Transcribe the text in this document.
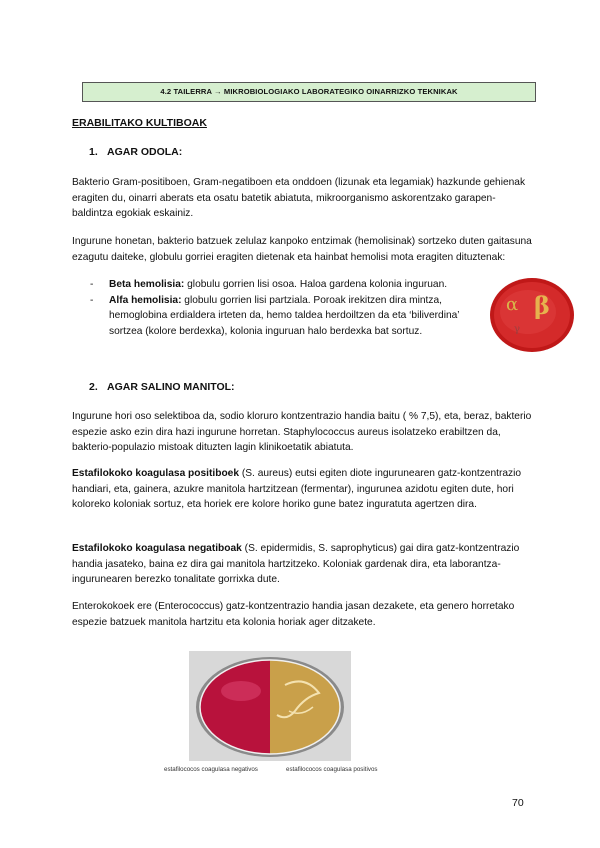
4.2 TAILERRA → MIKROBIOLOGIAKO LABORATEGIKO OINARRIZKO TEKNIKAK
ERABILITAKO KULTIBOAK
1. AGAR ODOLA:
Bakterio Gram-positiboen, Gram-negatiboen eta onddoen (lizunak eta legamiak) hazkunde gehienak eragiten du, oinarri aberats eta osatu batetik abiatuta, mikroorganismo askorentzako garapen-baldintza egokiak eskainiz.
Ingurune honetan, bakterio batzuek zelulaz kanpoko entzimak (hemolisinak) sortzeko duten gaitasuna ezagutu daiteke, globulu gorriei eragiten dietenak eta hainbat hemolisi mota eragiten dituztenak:
- Beta hemolisia: globulu gorrien lisi osoa. Haloa gardena kolonia inguruan.
- Alfa hemolisia: globulu gorrien lisi partziala. Poroak irekitzen dira mintza, hemoglobina erdialdera irteten da, hemo taldea herdoiltzen da eta ‘biliverdina’ sortzea (kolore berdexka), kolonia inguruan halo berdexka bat sortuz.
α β
γ
2. AGAR SALINO MANITOL:
Ingurune hori oso selektiboa da, sodio kloruro kontzentrazio handia baitu ( % 7,5), eta, beraz, bakterio espezie asko ezin dira hazi ingurune horretan. Staphylococcus aureus isolatzeko erabiltzen da, bakterio-populazio mistoak dituzten lagin klinikoetatik abiatuta.
Estafilokoko koagulasa positiboek (S. aureus) eutsi egiten diote ingurunearen gatz-kontzentrazio handiari, eta, gainera, azukre manitola hartzitzean (fermentar), ingurunea azidotu egiten dute, hori koloreko koloniak sortuz, eta horiek ere kolore horiko gune batez inguratuta agertzen dira.
Estafilokoko koagulasa negatiboak (S. epidermidis, S. saprophyticus) gai dira gatz-kontzentrazio handia jasateko, baina ez dira gai manitola hartzitzeko. Koloniak gardenak dira, eta laborantza-ingurunearen berezko tonalitate gorrixka dute.
Enterokokoek ere (Enterococcus) gatz-kontzentrazio handia jasan dezakete, eta genero horretako espezie batzuek manitola hartzitu eta kolonia horiak ager ditzakete.
estafilococos coagulasa negativos	estafilococos coagulasa positivos
70
